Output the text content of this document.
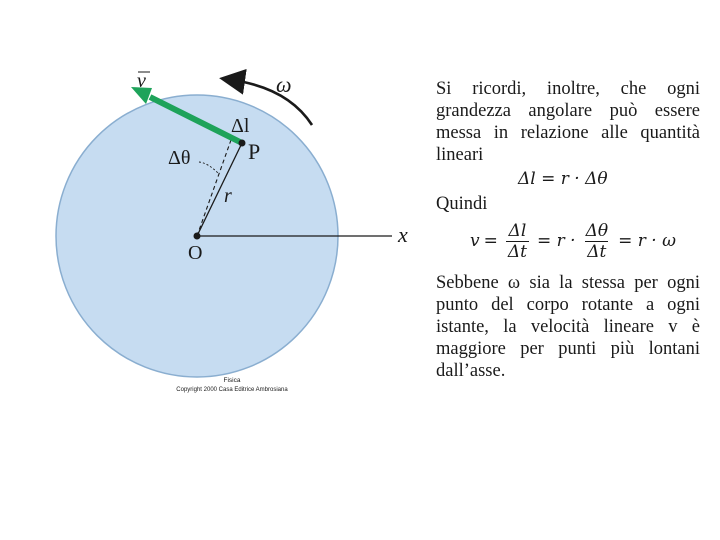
v	ω
Δl
P
Δθ
r
O
x
Fisica
Copyright 2000 Casa Editrice Ambrosiana

Si ricordi, inoltre, che ogni grandezza angolare può essere messa in relazione alle quantità lineari

Δl = r · Δθ
Quindi
$v = \frac{\Delta l}{\Delta t} = r \cdot \frac{\Delta\theta}{\Delta t} = r \cdot \omega$

Sebbene ω sia la stessa per ogni punto del corpo rotante a ogni istante, la velocità lineare v è maggiore per punti più lontani dall’asse.
